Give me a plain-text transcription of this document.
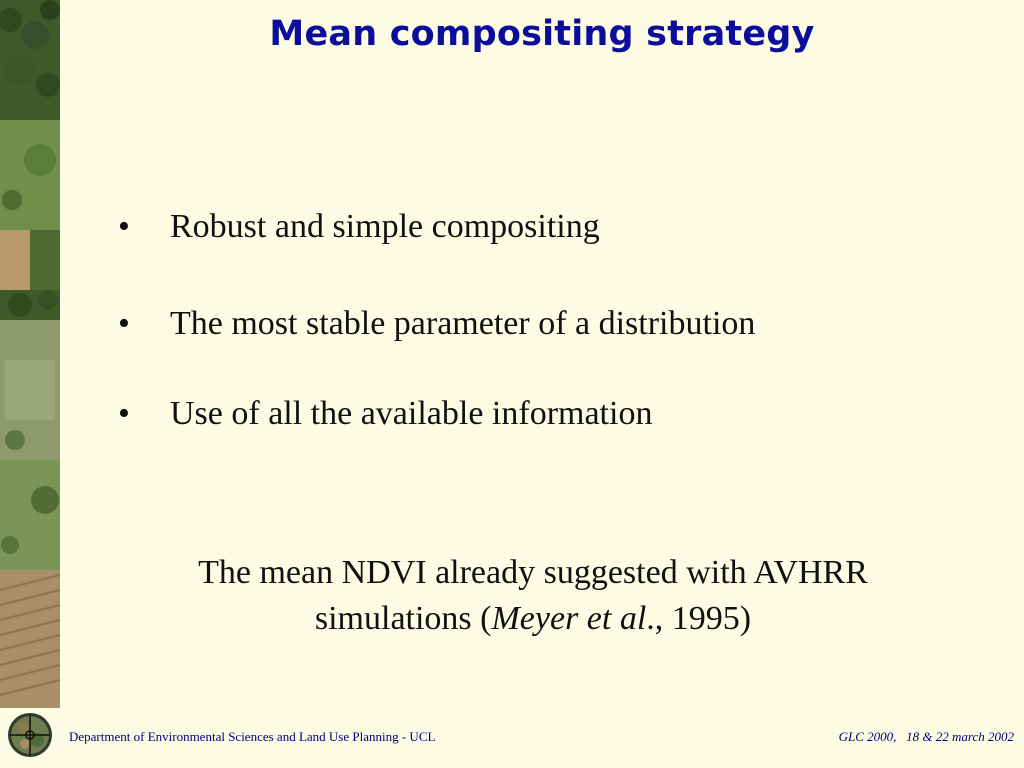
Mean compositing strategy
• Robust and simple compositing
• The most stable parameter of a distribution
• Use of all the available information
The mean NDVI already suggested with AVHRR simulations (Meyer et al., 1995)
Department of Environmental Sciences and Land Use Planning - UCL	GLC 2000, 18 & 22 march 2002
